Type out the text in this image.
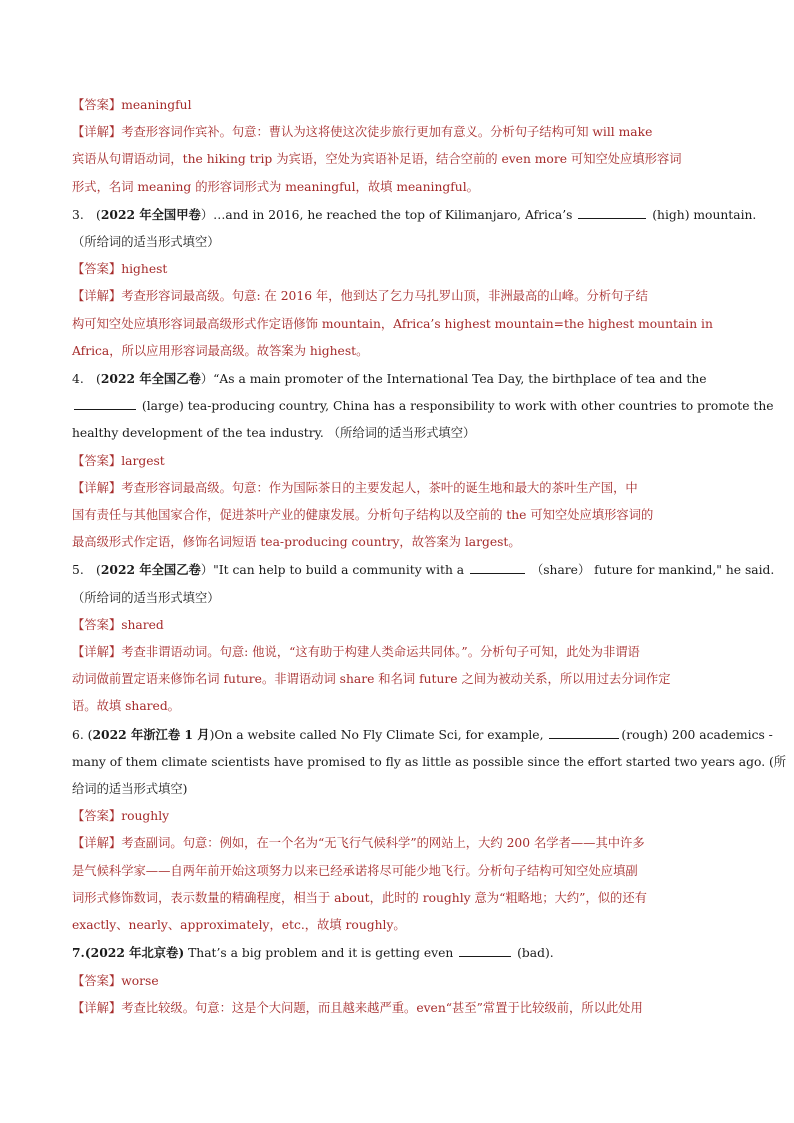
【答案】meaningful
【详解】考查形容词作宾补。句意：曹认为这将使这次徒步旅行更加有意义。分析句子结构可知 will make
宾语从句谓语动词，the hiking trip 为宾语，空处为宾语补足语，结合空前的 even more 可知空处应填形容词
形式，名词 meaning 的形容词形式为 meaningful，故填 meaningful。
3.　(2022 年全国甲卷）…and in 2016, he reached the top of Kilimanjaro, Africa’s	(high) mountain.
（所给词的适当形式填空）
【答案】highest
【详解】考查形容词最高级。句意: 在 2016 年，他到达了乞力马扎罗山顶，非洲最高的山峰。分析句子结
构可知空处应填形容词最高级形式作定语修饰 mountain，Africa’s highest mountain=the highest mountain in
Africa，所以应用形容词最高级。故答案为 highest。
4.　(2022 年全国乙卷）“As a main promoter of the International Tea Day, the birthplace of tea and the
(large) tea-producing country, China has a responsibility to work with other countries to promote the
healthy development of the tea industry. （所给词的适当形式填空）
【答案】largest
【详解】考查形容词最高级。句意：作为国际茶日的主要发起人，茶叶的诞生地和最大的茶叶生产国，中
国有责任与其他国家合作，促进茶叶产业的健康发展。分析句子结构以及空前的 the 可知空处应填形容词的
最高级形式作定语，修饰名词短语 tea-producing country，故答案为 largest。
5.　(2022 年全国乙卷）"It can help to build a community with a	（share） future for mankind," he said.
（所给词的适当形式填空）
【答案】shared
【详解】考查非谓语动词。句意: 他说，“这有助于构建人类命运共同体。”。分析句子可知，此处为非谓语
动词做前置定语来修饰名词 future。非谓语动词 share 和名词 future 之间为被动关系，所以用过去分词作定
语。故填 shared。
6. (2022 年浙江卷 1 月)On a website called No Fly Climate Sci, for example,	(rough) 200 academics -
many of them climate scientists have promised to fly as little as possible since the effort started two years ago. (所
给词的适当形式填空)
【答案】roughly
【详解】考查副词。句意：例如，在一个名为“无飞行气候科学”的网站上，大约 200 名学者——其中许多
是气候科学家——自两年前开始这项努力以来已经承诺将尽可能少地飞行。分析句子结构可知空处应填副
词形式修饰数词，表示数量的精确程度，相当于 about，此时的 roughly 意为“粗略地；大约”，似的还有
exactly、nearly、approximately，etc.，故填 roughly。
7.(2022 年北京卷) That’s a big problem and it is getting even	(bad).
【答案】worse
【详解】考查比较级。句意：这是个大问题，而且越来越严重。even“甚至”常置于比较级前，所以此处用
